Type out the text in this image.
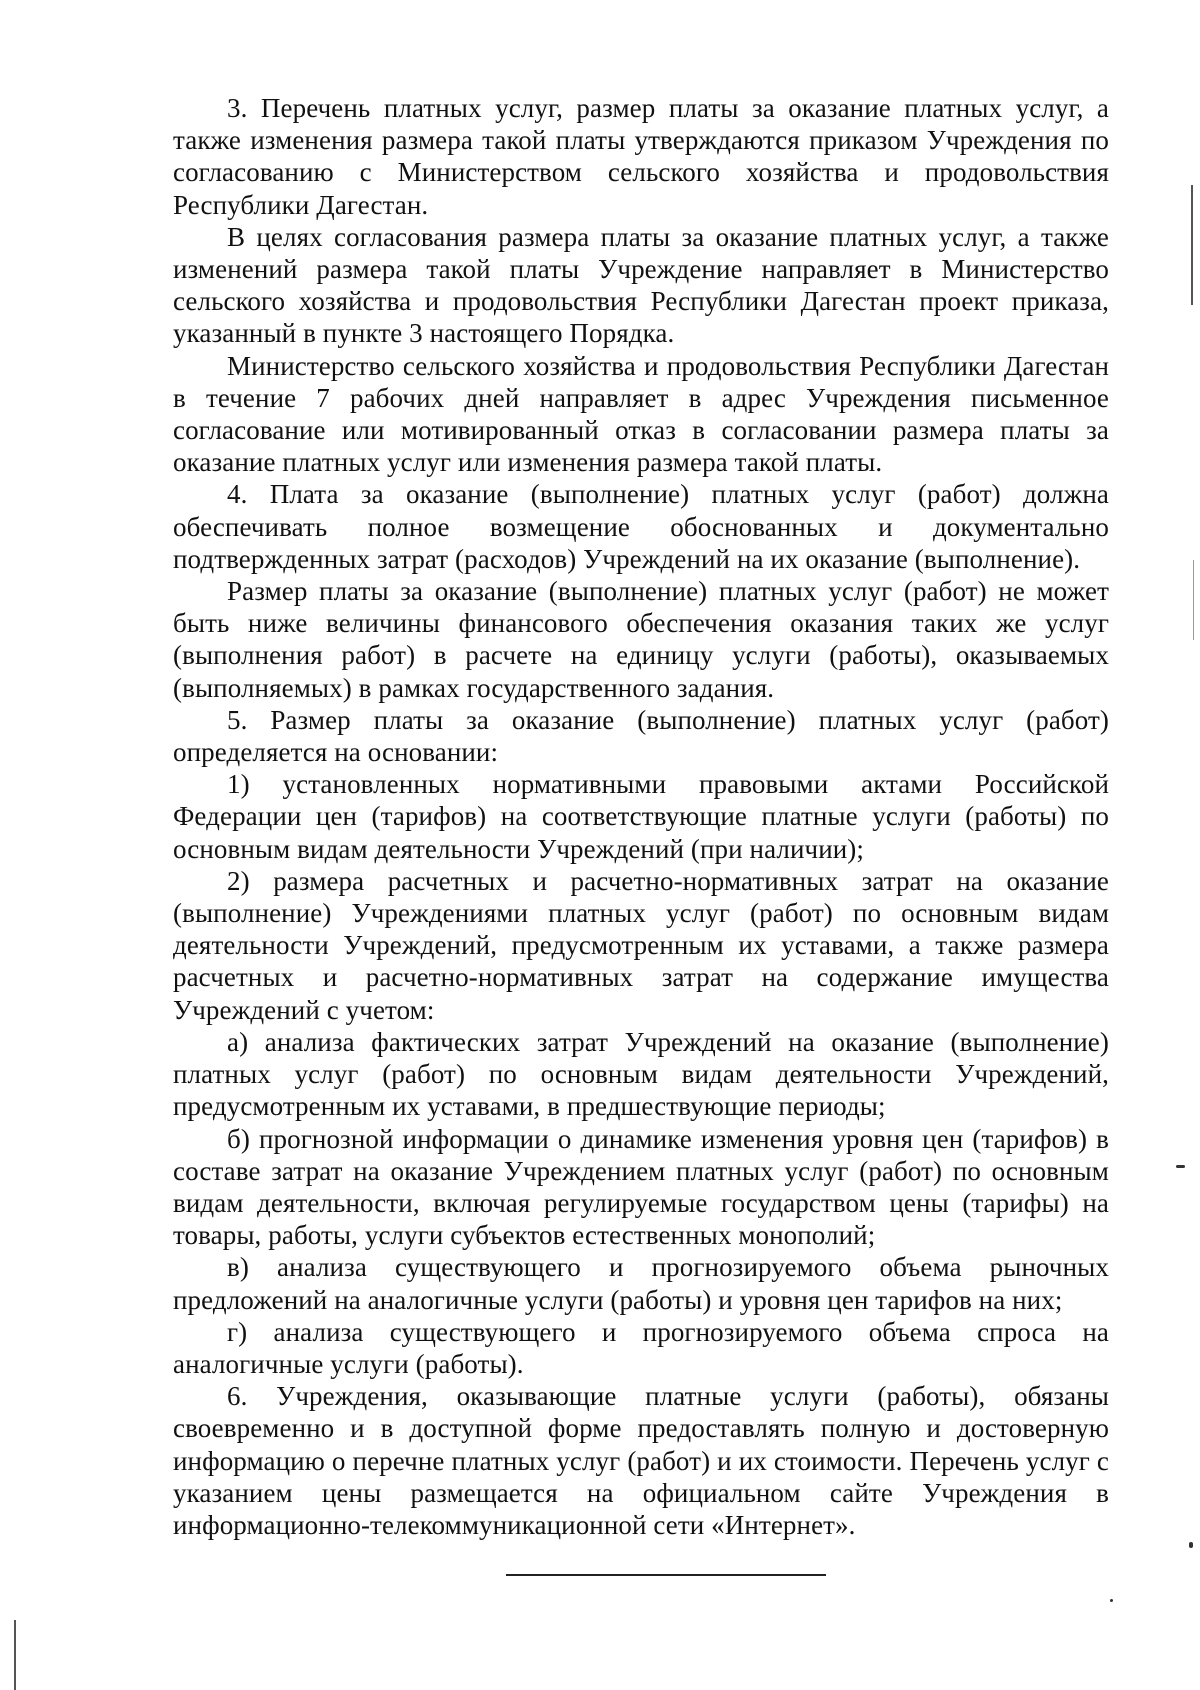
3. Перечень платных услуг, размер платы за оказание платных услуг, а также изменения размера такой платы утверждаются приказом Учреждения по согласованию с Министерством сельского хозяйства и продовольствия Республики Дагестан.

В целях согласования размера платы за оказание платных услуг, а также изменений размера такой платы Учреждение направляет в Министерство сельского хозяйства и продовольствия Республики Дагестан проект приказа, указанный в пункте 3 настоящего Порядка.

Министерство сельского хозяйства и продовольствия Республики Дагестан в течение 7 рабочих дней направляет в адрес Учреждения письменное согласование или мотивированный отказ в согласовании размера платы за оказание платных услуг или изменения размера такой платы.

4. Плата за оказание (выполнение) платных услуг (работ) должна обеспечивать полное возмещение обоснованных и документально подтвержденных затрат (расходов) Учреждений на их оказание (выполнение).

Размер платы за оказание (выполнение) платных услуг (работ) не может быть ниже величины финансового обеспечения оказания таких же услуг (выполнения работ) в расчете на единицу услуги (работы), оказываемых (выполняемых) в рамках государственного задания.

5. Размер платы за оказание (выполнение) платных услуг (работ) определяется на основании:

1) установленных нормативными правовыми актами Российской Федерации цен (тарифов) на соответствующие платные услуги (работы) по основным видам деятельности Учреждений (при наличии);

2) размера расчетных и расчетно-нормативных затрат на оказание (выполнение) Учреждениями платных услуг (работ) по основным видам деятельности Учреждений, предусмотренным их уставами, а также размера расчетных и расчетно-нормативных затрат на содержание имущества Учреждений с учетом:

а) анализа фактических затрат Учреждений на оказание (выполнение) платных услуг (работ) по основным видам деятельности Учреждений, предусмотренным их уставами, в предшествующие периоды;

б) прогнозной информации о динамике изменения уровня цен (тарифов) в составе затрат на оказание Учреждением платных услуг (работ) по основным видам деятельности, включая регулируемые государством цены (тарифы) на товары, работы, услуги субъектов естественных монополий;

в) анализа существующего и прогнозируемого объема рыночных предложений на аналогичные услуги (работы) и уровня цен тарифов на них;

г) анализа существующего и прогнозируемого объема спроса на аналогичные услуги (работы).

6. Учреждения, оказывающие платные услуги (работы), обязаны своевременно и в доступной форме предоставлять полную и достоверную информацию о перечне платных услуг (работ) и их стоимости. Перечень услуг с указанием цены размещается на официальном сайте Учреждения в информационно-телекоммуникационной сети «Интернет».
